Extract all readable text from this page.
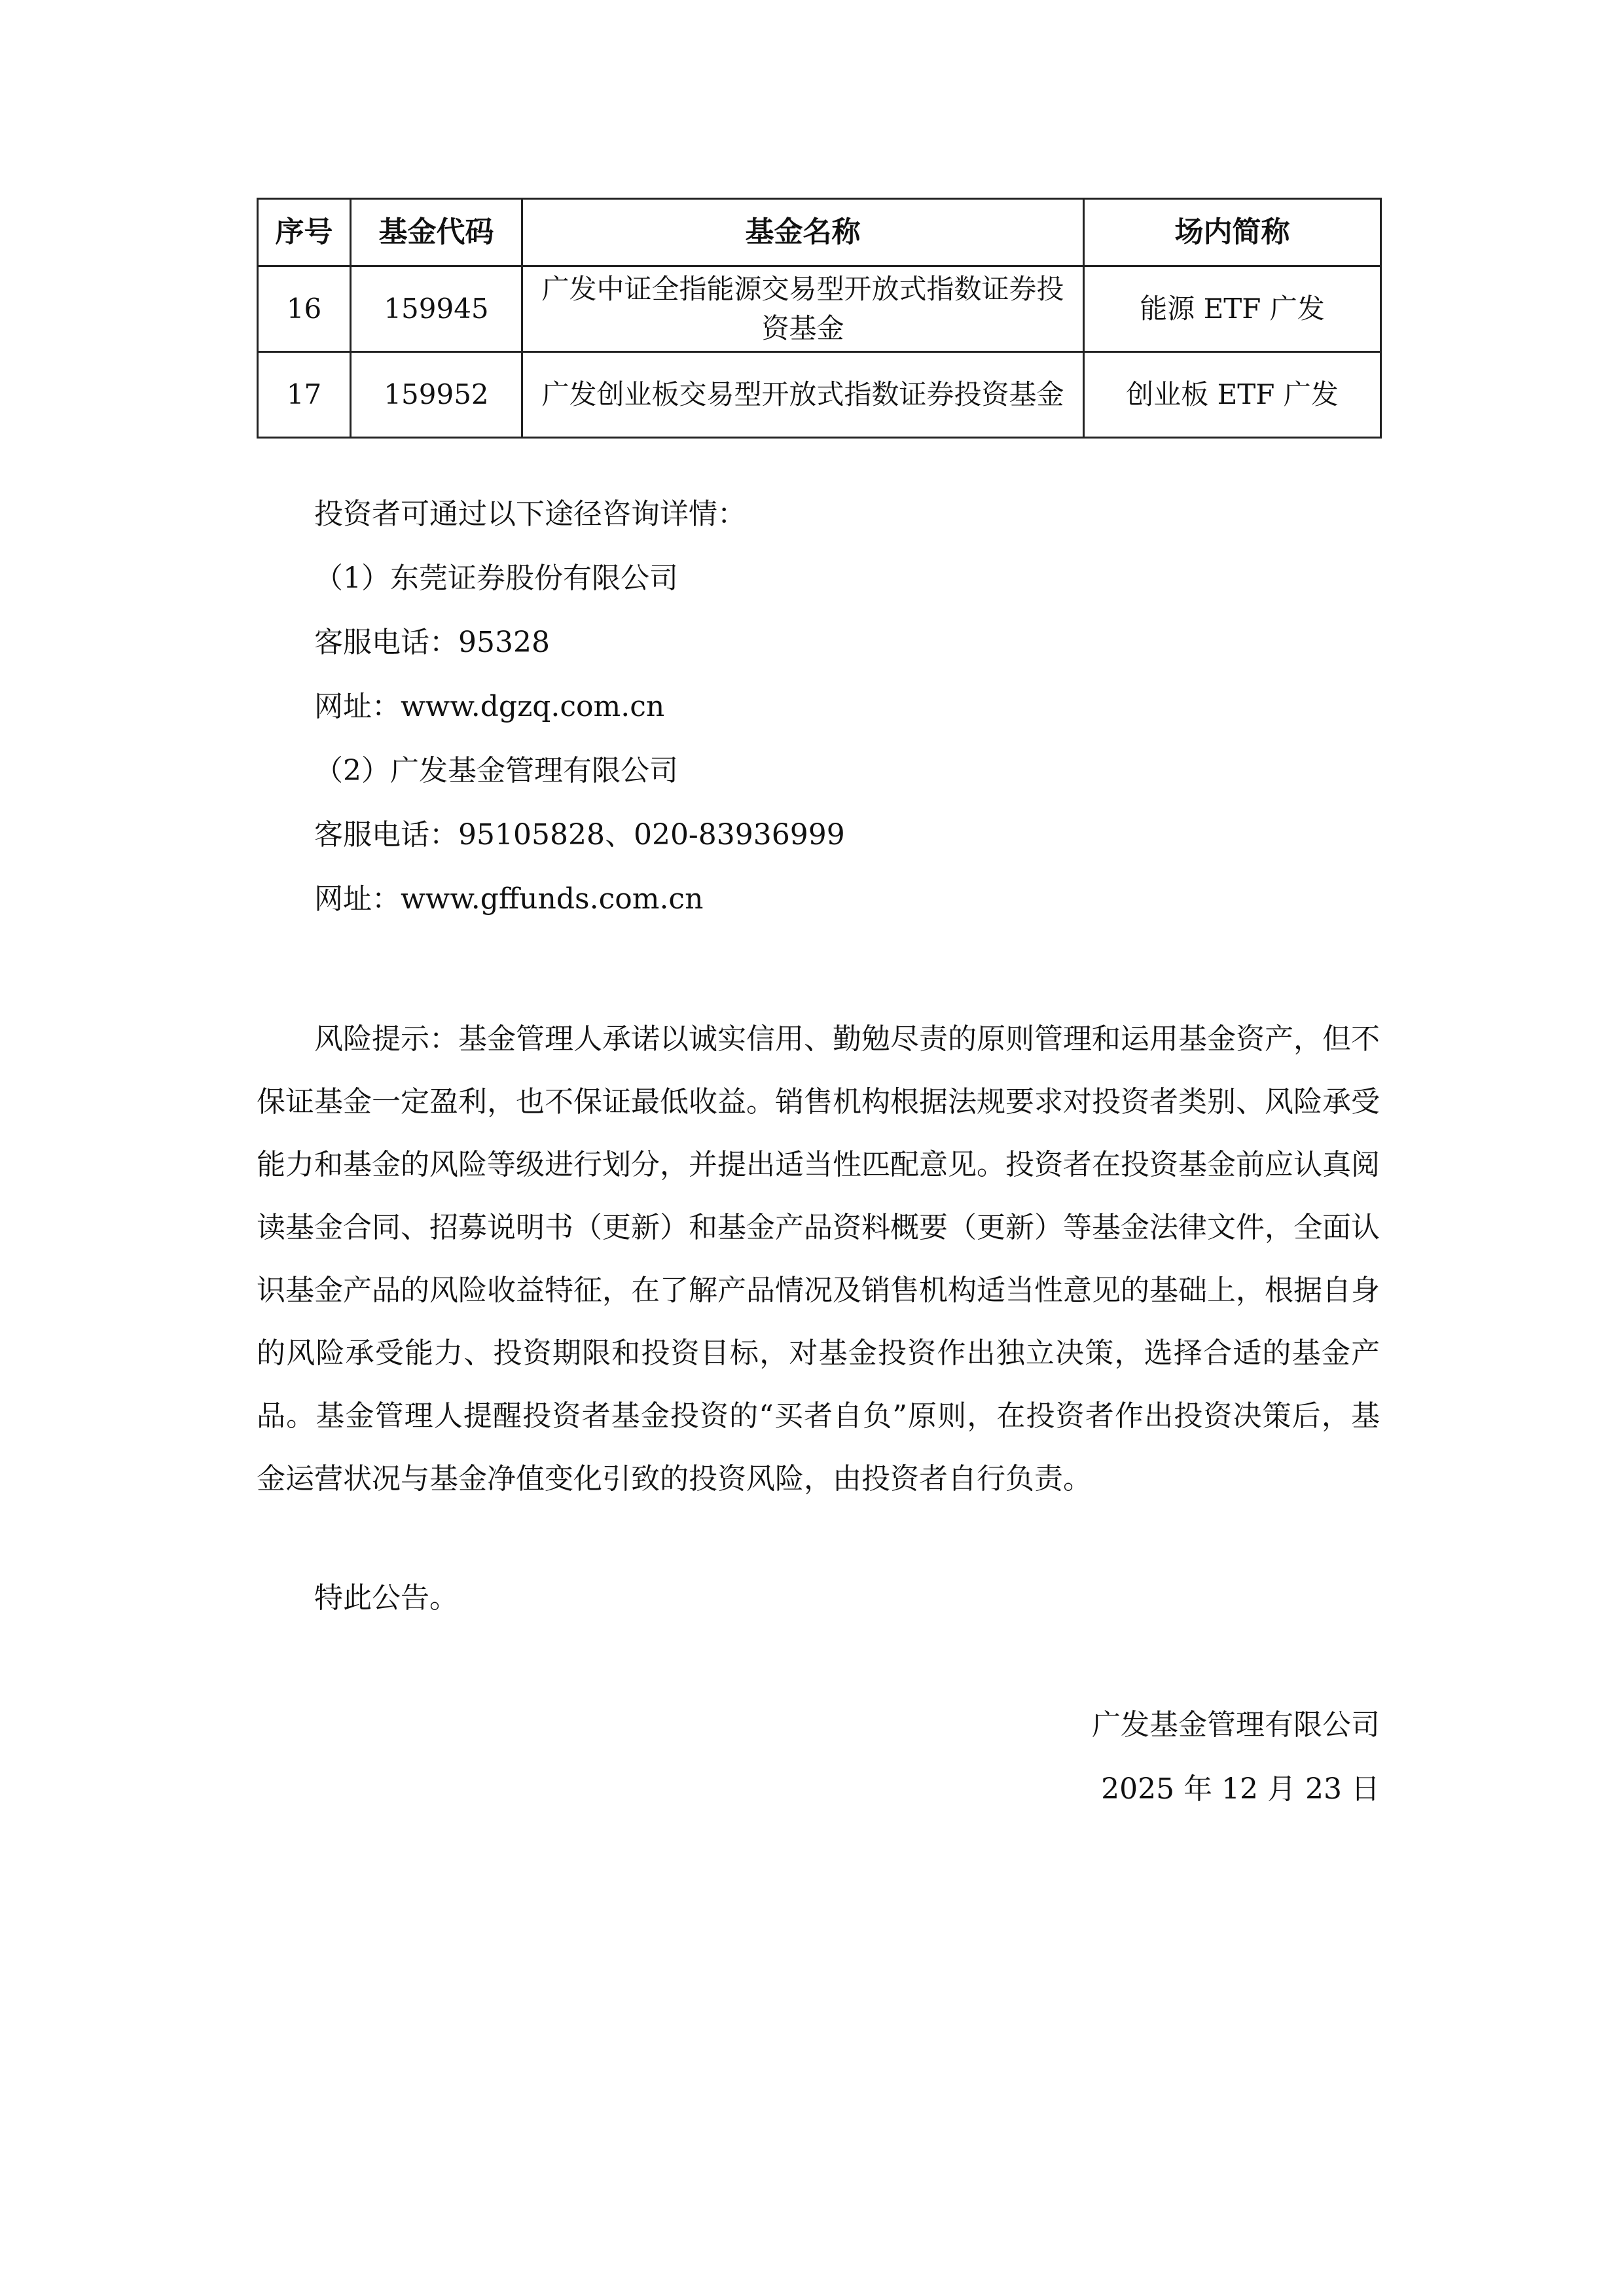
序号	基金代码	基金名称	场内简称
16	159945	广发中证全指能源交易型开放式指数证券投资基金	能源 ETF 广发
17	159952	广发创业板交易型开放式指数证券投资基金	创业板 ETF 广发
投资者可通过以下途径咨询详情：
（1）东莞证券股份有限公司
客服电话：95328
网址：www.dgzq.com.cn
（2）广发基金管理有限公司
客服电话：95105828、020-83936999
网址：www.gffunds.com.cn

风险提示：基金管理人承诺以诚实信用、勤勉尽责的原则管理和运用基金资产，但不保证基金一定盈利，也不保证最低收益。销售机构根据法规要求对投资者类别、风险承受能力和基金的风险等级进行划分，并提出适当性匹配意见。投资者在投资基金前应认真阅读基金合同、招募说明书（更新）和基金产品资料概要（更新）等基金法律文件，全面认识基金产品的风险收益特征，在了解产品情况及销售机构适当性意见的基础上，根据自身的风险承受能力、投资期限和投资目标，对基金投资作出独立决策，选择合适的基金产品。基金管理人提醒投资者基金投资的“买者自负”原则，在投资者作出投资决策后，基金运营状况与基金净值变化引致的投资风险，由投资者自行负责。

特此公告。
广发基金管理有限公司
2025 年 12 月 23 日
